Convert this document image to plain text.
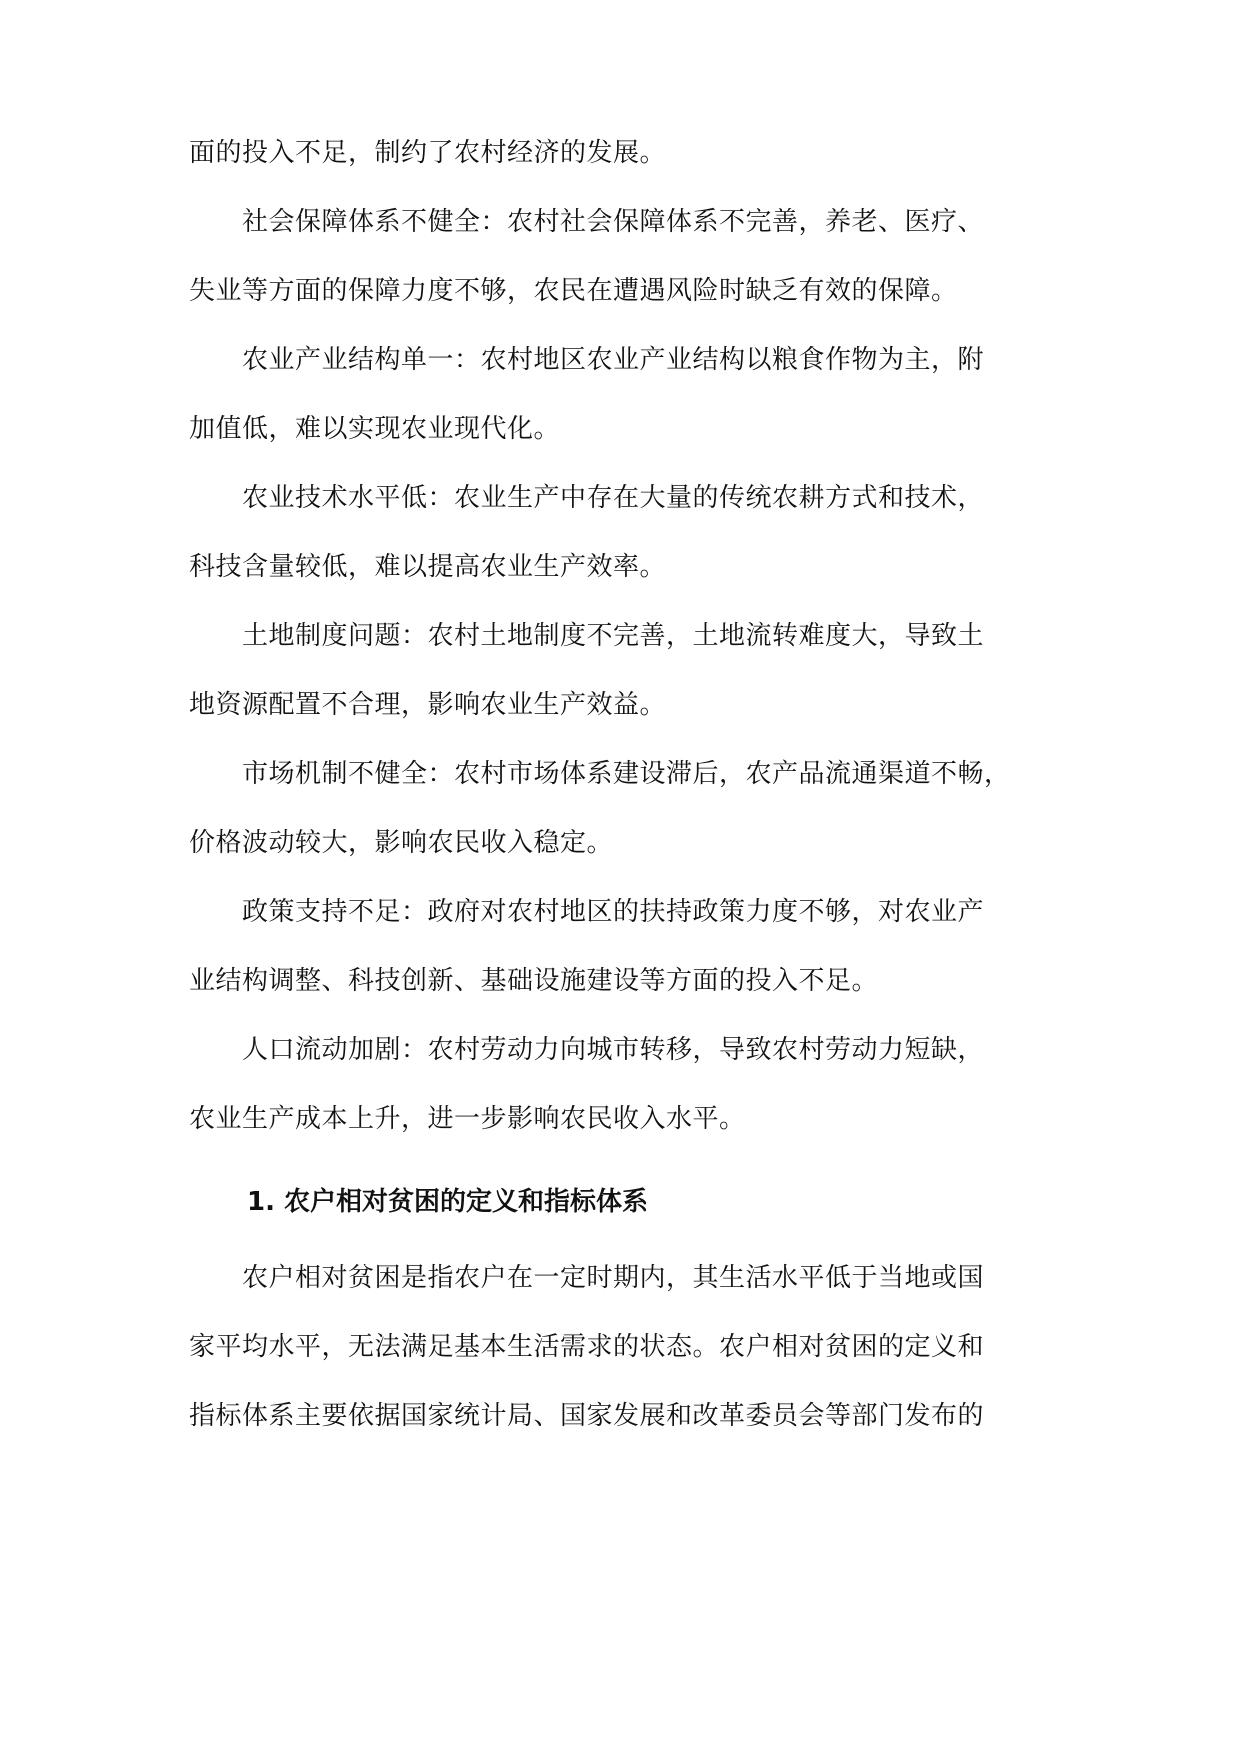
面的投入不足，制约了农村经济的发展。
　　社会保障体系不健全：农村社会保障体系不完善，养老、医疗、
失业等方面的保障力度不够，农民在遭遇风险时缺乏有效的保障。
　　农业产业结构单一：农村地区农业产业结构以粮食作物为主，附
加值低，难以实现农业现代化。
　　农业技术水平低：农业生产中存在大量的传统农耕方式和技术，
科技含量较低，难以提高农业生产效率。
　　土地制度问题：农村土地制度不完善，土地流转难度大，导致土
地资源配置不合理，影响农业生产效益。
　　市场机制不健全：农村市场体系建设滞后，农产品流通渠道不畅，
价格波动较大，影响农民收入稳定。
　　政策支持不足：政府对农村地区的扶持政策力度不够，对农业产
业结构调整、科技创新、基础设施建设等方面的投入不足。
　　人口流动加剧：农村劳动力向城市转移，导致农村劳动力短缺，
农业生产成本上升，进一步影响农民收入水平。
1. 农户相对贫困的定义和指标体系
　　农户相对贫困是指农户在一定时期内，其生活水平低于当地或国
家平均水平，无法满足基本生活需求的状态。农户相对贫困的定义和
指标体系主要依据国家统计局、国家发展和改革委员会等部门发布的
